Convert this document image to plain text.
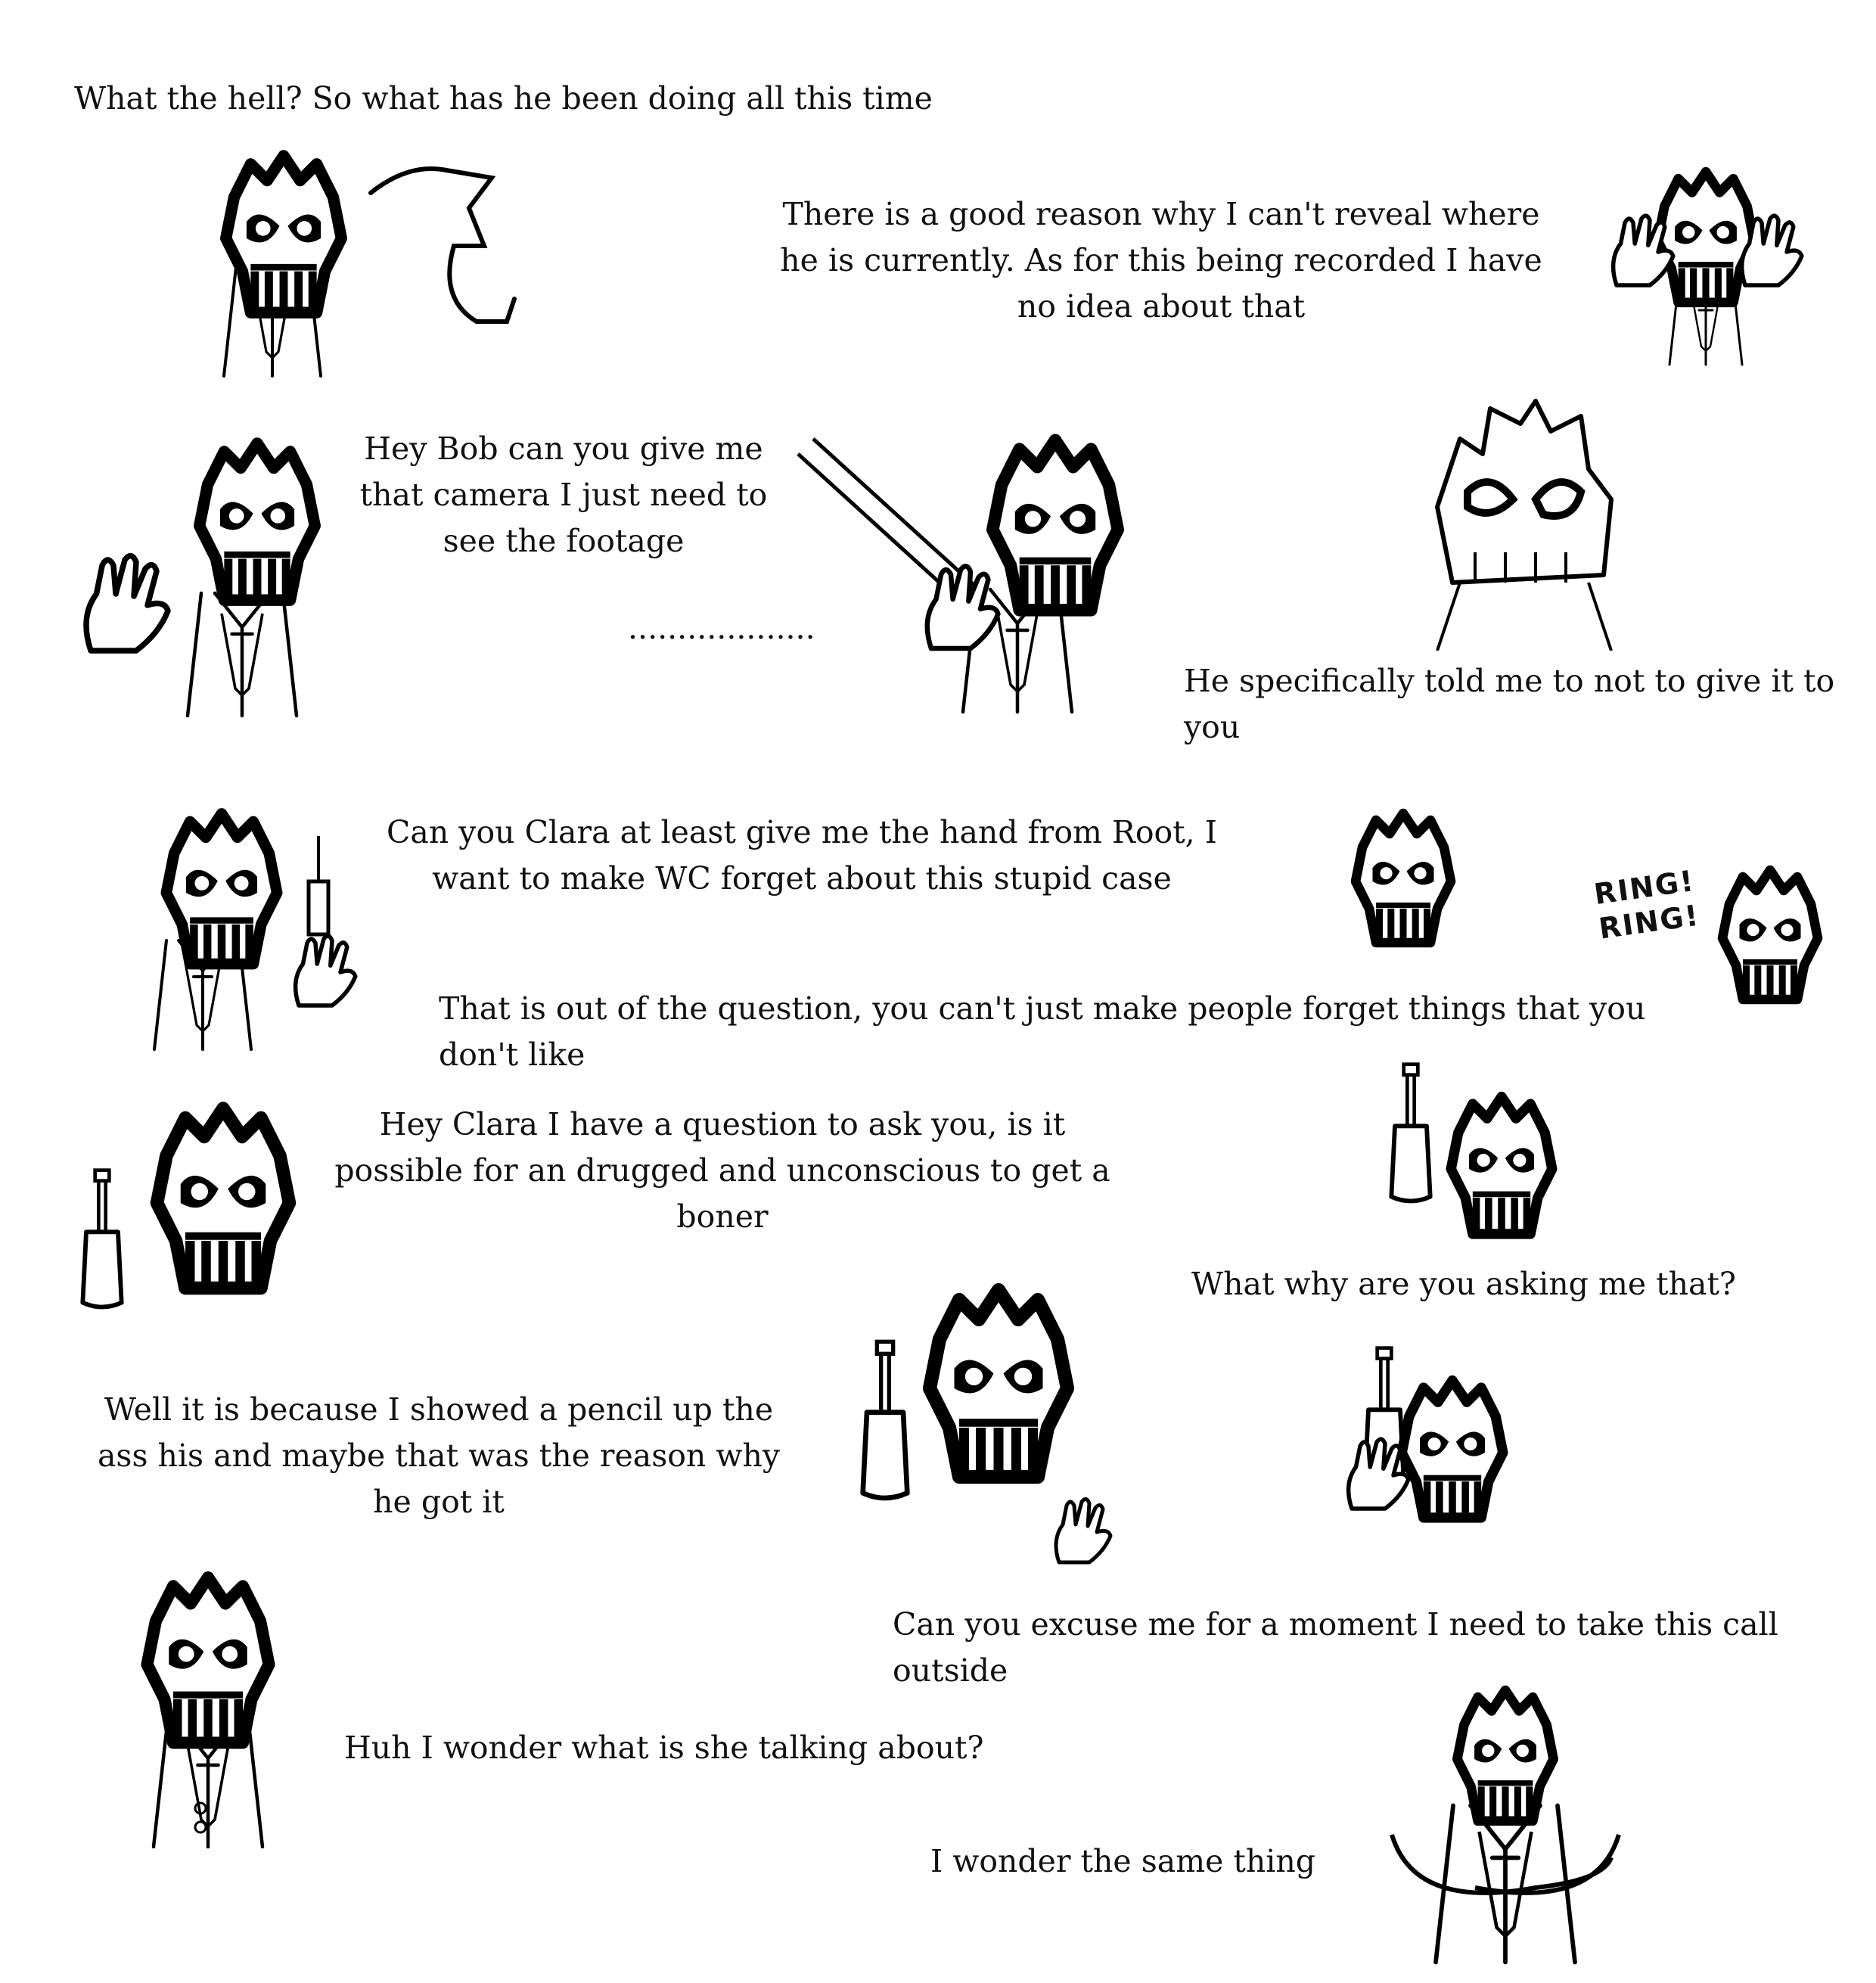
What the hell? So what has he been doing all this time

There is a good reason why I can't reveal where he is currently. As for this being recorded I have no idea about that

Hey Bob can you give me that camera I just need to see the footage

...................

He specifically told me to not to give it to you

Can you Clara at least give me the hand from Root, I want to make WC forget about this stupid case	RING!
RING!

That is out of the question, you can't just make people forget things that you don't like

Hey Clara I have a question to ask you, is it possible for an drugged and unconscious to get a boner

What why are you asking me that?

Well it is because I showed a pencil up the ass his and maybe that was the reason why he got it

Can you excuse me for a moment I need to take this call outside

Huh I wonder what is she talking about?

I wonder the same thing
